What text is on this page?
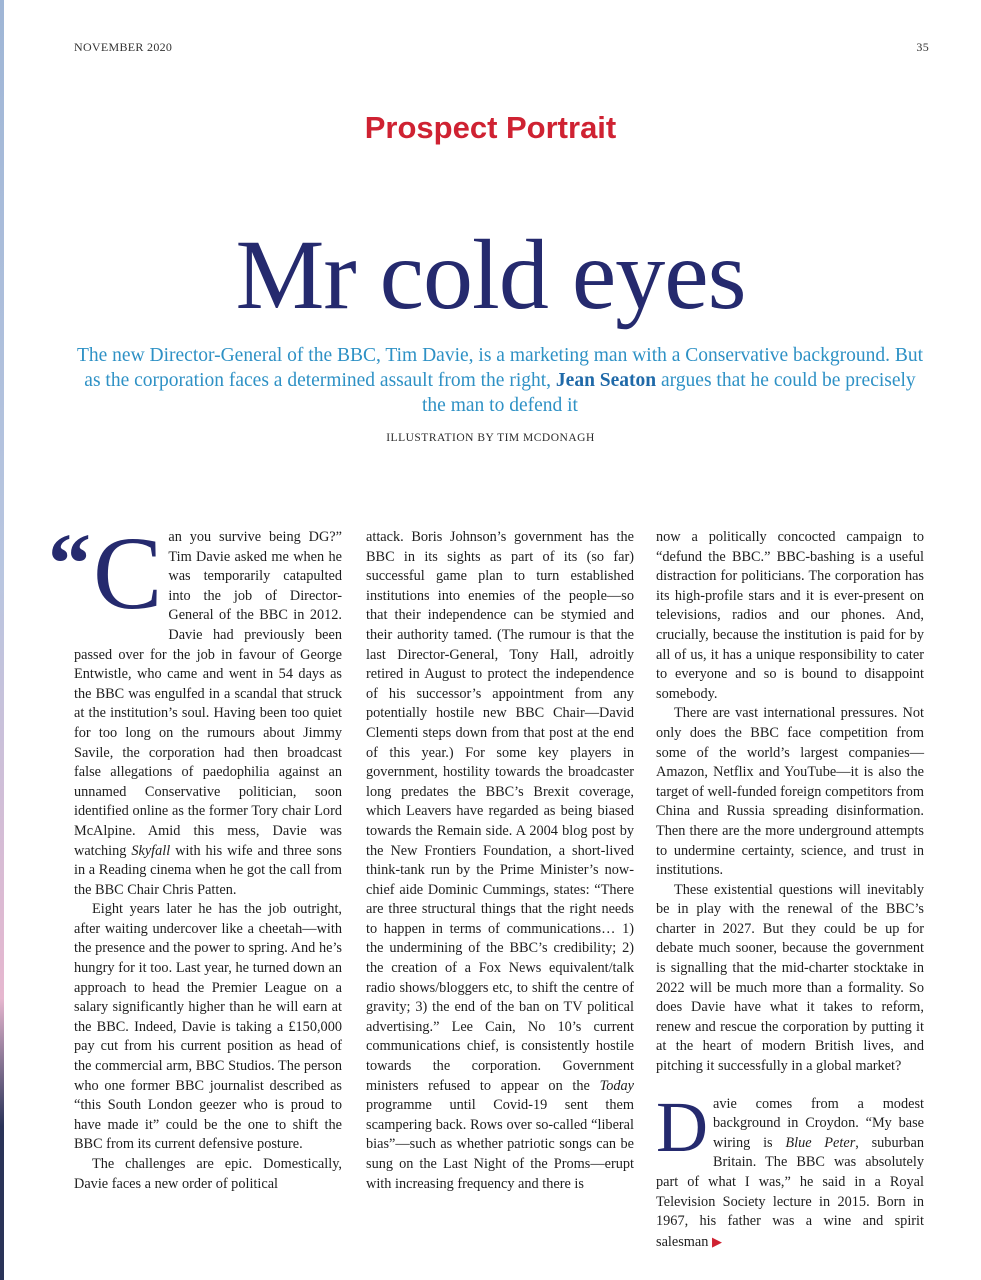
NOVEMBER 2020	35
Prospect Portrait
Mr cold eyes
The new Director-General of the BBC, Tim Davie, is a marketing man with a Conservative background. But as the corporation faces a determined assault from the right, Jean Seaton argues that he could be precisely the man to defend it
ILLUSTRATION BY TIM MCDONAGH

“ C an you survive being DG?” Tim Davie asked me when he was temporarily catapulted into the job of Director-General of the BBC in 2012. Davie had previously been passed over for the job in favour of George Entwistle, who came and went in 54 days as the BBC was engulfed in a scandal that struck at the institution’s soul. Having been too quiet for too long on the rumours about Jimmy Savile, the corporation had then broadcast false allegations of paedophilia against an unnamed Conservative politician, soon identified online as the former Tory chair Lord McAlpine. Amid this mess, Davie was watching Skyfall with his wife and three sons in a Reading cinema when he got the call from the BBC Chair Chris Patten.

Eight years later he has the job outright, after waiting undercover like a cheetah—with the presence and the power to spring. And he’s hungry for it too. Last year, he turned down an approach to head the Premier League on a salary significantly higher than he will earn at the BBC. Indeed, Davie is taking a £150,000 pay cut from his current position as head of the commercial arm, BBC Studios. The person who one former BBC journalist described as “this South London geezer who is proud to have made it” could be the one to shift the BBC from its current defensive posture.

The challenges are epic. Domestically, Davie faces a new order of political

attack. Boris Johnson’s government has the BBC in its sights as part of its (so far) successful game plan to turn established institutions into enemies of the people—so that their independence can be stymied and their authority tamed. (The rumour is that the last Director-General, Tony Hall, adroitly retired in August to protect the independence of his successor’s appointment from any potentially hostile new BBC Chair—David Clementi steps down from that post at the end of this year.) For some key players in government, hostility towards the broadcaster long predates the BBC’s Brexit coverage, which Leavers have regarded as being biased towards the Remain side. A 2004 blog post by the New Frontiers Foundation, a short-lived think-tank run by the Prime Minister’s now-chief aide Dominic Cummings, states: “There are three structural things that the right needs to happen in terms of communications… 1) the undermining of the BBC’s credibility; 2) the creation of a Fox News equivalent/talk radio shows/bloggers etc, to shift the centre of gravity; 3) the end of the ban on TV political advertising.” Lee Cain, No 10’s current communications chief, is consistently hostile towards the corporation. Government ministers refused to appear on the Today programme until Covid-19 sent them scampering back. Rows over so-called “liberal bias”—such as whether patriotic songs can be sung on the Last Night of the Proms—erupt with increasing frequency and there is

now a politically concocted campaign to “defund the BBC.” BBC-bashing is a useful distraction for politicians. The corporation has its high-profile stars and it is ever-present on televisions, radios and our phones. And, crucially, because the institution is paid for by all of us, it has a unique responsibility to cater to everyone and so is bound to disappoint somebody.

There are vast international pressures. Not only does the BBC face competition from some of the world’s largest companies—Amazon, Netflix and YouTube—it is also the target of well-funded foreign competitors from China and Russia spreading disinformation. Then there are the more underground attempts to undermine certainty, science, and trust in institutions.

These existential questions will inevitably be in play with the renewal of the BBC’s charter in 2027. But they could be up for debate much sooner, because the government is signalling that the mid-charter stocktake in 2022 will be much more than a formality. So does Davie have what it takes to reform, renew and rescue the corporation by putting it at the heart of modern British lives, and pitching it successfully in a global market?

Davie comes from a modest background in Croydon. “My base wiring is Blue Peter, suburban Britain. The BBC was absolutely part of what I was,” he said in a Royal Television Society lecture in 2015. Born in 1967, his father was a wine and spirit salesman ▶
